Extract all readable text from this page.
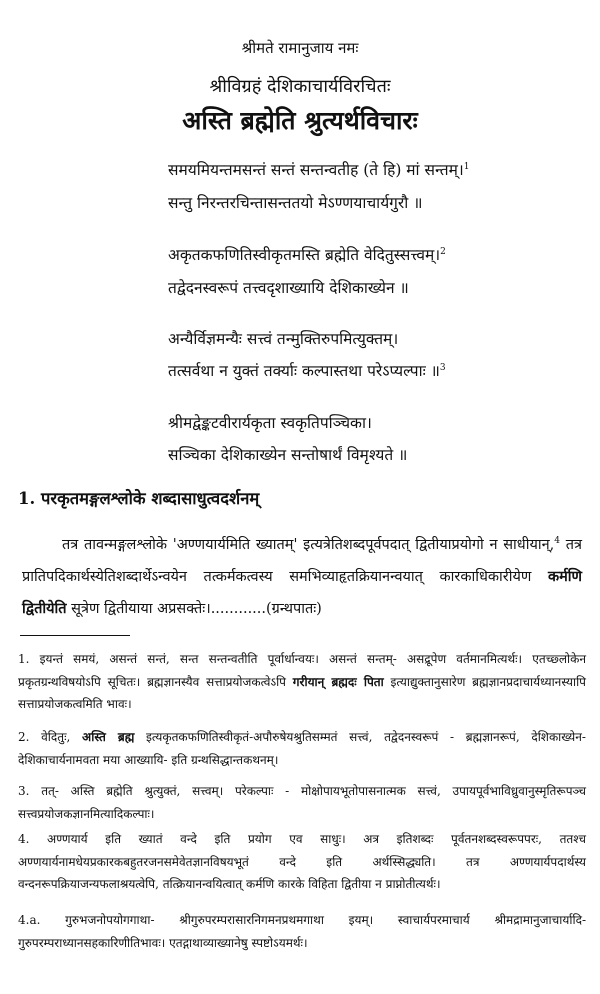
श्रीमते रामानुजाय नमः
श्रीविग्रहं देशिकाचार्यविरचितः
अस्ति ब्रह्मेति श्रुत्यर्थविचारः
समयमियन्तमसन्तं सन्तं सन्तन्वतीह (ते हि) मां सन्तम्।$^1$
सन्तु निरन्तरचिन्तासन्ततयो मेऽण्णयाचार्यगुरौ ॥
अकृतकफणितिस्वीकृतमस्ति ब्रह्मेति वेदितुस्सत्त्वम्।$^2$
तद्वेदनस्वरूपं तत्त्वदृशाख्यायि देशिकाख्येन ॥
अन्यैर्विज्ञमन्यैः सत्त्वं तन्मुक्तिरुपमित्युक्तम्।
तत्सर्वथा न युक्तं तर्क्याः कल्पास्तथा परेऽप्यल्पाः ॥$^3$
श्रीमद्वेङ्कटवीरार्यकृता स्वकृतिपञ्चिका।
सञ्चिका देशिकाख्येन सन्तोषार्थं विमृश्यते ॥
1. परकृतमङ्गलश्लोके शब्दासाधुत्वदर्शनम्
तत्र तावन्मङ्गलश्लोके 'अण्णयार्यमिति ख्यातम्' इत्यत्रेतिशब्दपूर्वपदात् द्वितीयाप्रयोगो न साधीयान्,$^4$ तत्र प्रातिपदिकार्थस्येतिशब्दार्थेऽन्वयेन तत्कर्मकत्वस्य समभिव्याहृतक्रियानन्वयात् कारकाधिकारीयेण कर्मणि द्वितीयेति सूत्रेण द्वितीयाया अप्रसक्तेः।............(ग्रन्थपातः)
1. इयन्तं समयं, असन्तं सन्तं, सन्त सन्तन्वतीति पूर्वार्धान्वयः। असन्तं सन्तम्- असद्रूपेण वर्तमानमित्यर्थः। एतच्छ्लोकेन प्रकृतग्रन्थविषयोऽपि सूचितः। ब्रह्मज्ञानस्यैव सत्ताप्रयोजकत्वेऽपि गरीयान् ब्रह्मदः पिता इत्याद्युक्तानुसारेण ब्रह्मज्ञानप्रदाचार्यध्यानस्यापि सत्ताप्रयोजकत्वमिति भावः।
2. वेदितुः, अस्ति ब्रह्म इत्यकृतकफणितिस्वीकृतं-अपौरुषेयश्रुतिसम्मतं सत्त्वं, तद्वेदनस्वरूपं - ब्रह्मज्ञानरूपं, देशिकाख्येन- देशिकाचार्यनामवता मया आख्यायि- इति ग्रन्थसिद्धान्तकथनम्।
3. तत्- अस्ति ब्रह्मेति श्रुत्युक्तं, सत्त्वम्। परेकल्पाः - मोक्षोपायभूतोपासनात्मक सत्त्वं, उपायपूर्वभाविध्रुवानुस्मृतिरूपञ्च सत्त्वप्रयोजकज्ञानमित्यादिकल्पाः।
4. अण्णयार्य इति ख्यातं वन्दे इति प्रयोग एव साधुः। अत्र इतिशब्दः पूर्वतनशब्दस्वरूपपरः, ततश्च अण्णयार्यनामधेयप्रकारकबहुतरजनसमेवेतज्ञानविषयभूतं वन्दे इति अर्थस्सिद्ध्यति। तत्र अण्णयार्यपदार्थस्य वन्दनरूपक्रियाजन्यफलाश्रयत्वेपि, तत्क्रियानन्वयित्वात् कर्मणि कारके विहिता द्वितीया न प्राप्नोतीत्यर्थः।
4.a. गुरुभजनोपयोगगाथा- श्रीगुरुपरम्परासारनिगमनप्रथमगाथा इयम्। स्वाचार्यपरमाचार्य श्रीमद्रामानुजाचार्यादि-गुरुपरम्पराध्यानसहकारिणीतिभावः। एतद्गाथाव्याख्यानेषु स्पष्टोऽयमर्थः।
